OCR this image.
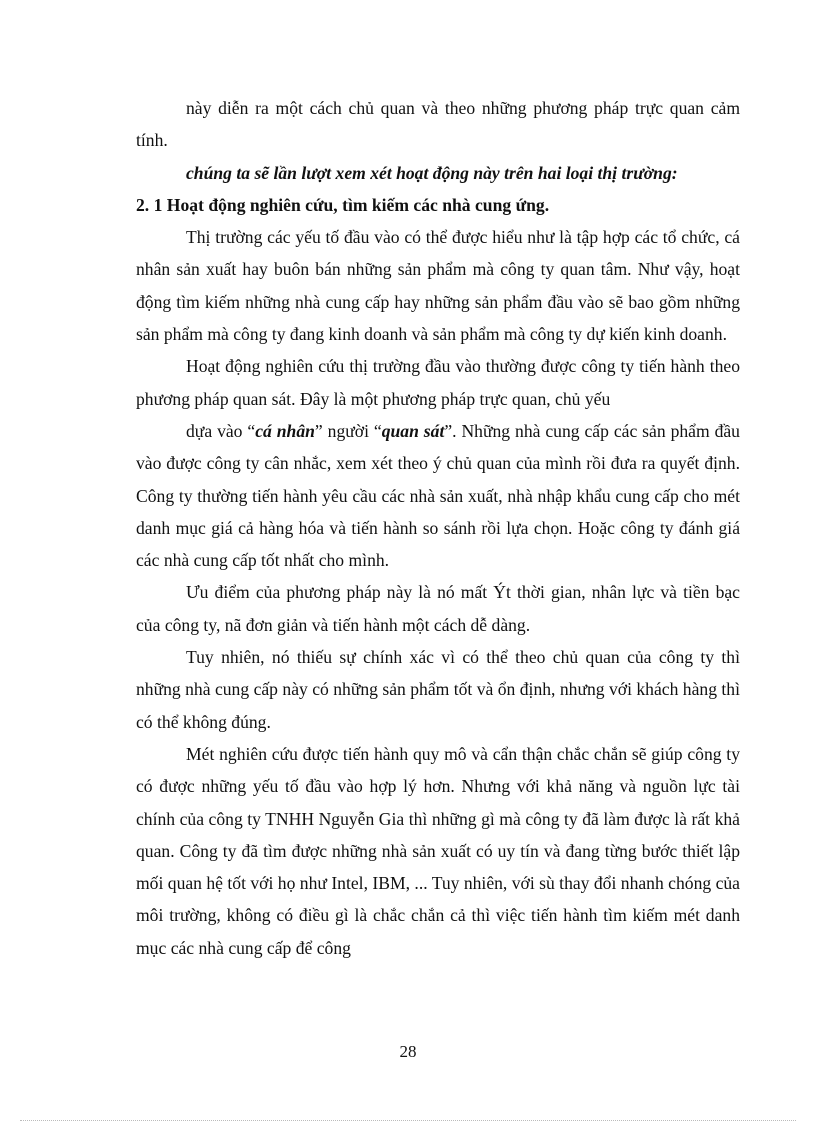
này diễn ra một cách chủ quan và theo những phương pháp trực quan cảm tính.

chúng ta sẽ lần lượt xem xét hoạt động này trên hai loại thị trường:

2. 1 Hoạt động nghiên cứu, tìm kiếm các nhà cung ứng.

Thị trường các yếu tố đầu vào có thể được hiểu như là tập hợp các tổ chức, cá nhân sản xuất hay buôn bán những sản phẩm mà công ty quan tâm. Như vậy, hoạt động tìm kiếm những nhà cung cấp hay những sản phẩm đầu vào sẽ bao gồm những sản phẩm mà công ty đang kinh doanh và sản phẩm mà công ty dự kiến kinh doanh.

Hoạt động nghiên cứu thị trường đầu vào thường được công ty tiến hành theo phương pháp quan sát. Đây là một phương pháp trực quan, chủ yếu

dựa vào “cá nhân” người “quan sát”. Những nhà cung cấp các sản phẩm đầu vào được công ty cân nhắc, xem xét theo ý chủ quan của mình rồi đưa ra quyết định. Công ty thường tiến hành yêu cầu các nhà sản xuất, nhà nhập khẩu cung cấp cho mét danh mục giá cả hàng hóa và tiến hành so sánh rồi lựa chọn. Hoặc công ty đánh giá các nhà cung cấp tốt nhất cho mình.

Ưu điểm của phương pháp này là nó mất Ýt thời gian, nhân lực và tiền bạc của công ty, nã đơn giản và tiến hành một cách dễ dàng.

Tuy nhiên, nó thiếu sự chính xác vì có thể theo chủ quan của công ty thì những nhà cung cấp này có những sản phẩm tốt và ổn định, nhưng với khách hàng thì có thể không đúng.

Mét nghiên cứu được tiến hành quy mô và cẩn thận chắc chắn sẽ giúp công ty có được những yếu tố đầu vào hợp lý hơn. Nhưng với khả năng và nguồn lực tài chính của công ty TNHH Nguyễn Gia thì những gì mà công ty đã làm được là rất khả quan. Công ty đã tìm được những nhà sản xuất có uy tín và đang từng bước thiết lập mối quan hệ tốt với họ như Intel, IBM, ... Tuy nhiên, với sù thay đổi nhanh chóng của môi trường, không có điều gì là chắc chắn cả thì việc tiến hành tìm kiếm mét danh mục các nhà cung cấp để công

28
